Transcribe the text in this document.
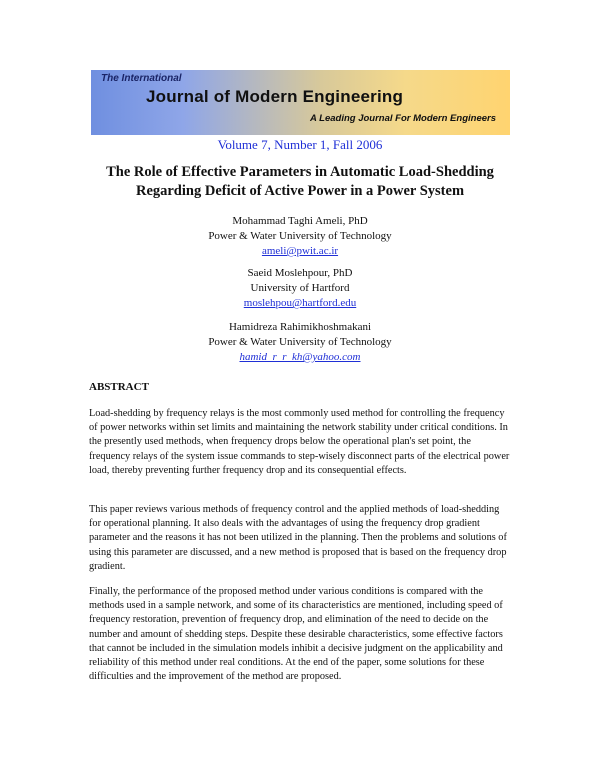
The International
Journal of Modern Engineering
A Leading Journal For Modern Engineers
Volume 7, Number 1, Fall 2006
The Role of Effective Parameters in Automatic Load-Shedding
Regarding Deficit of Active Power in a Power System
Mohammad Taghi Ameli, PhD
Power & Water University of Technology
ameli@pwit.ac.ir
Saeid Moslehpour, PhD
University of Hartford
moslehpou@hartford.edu
Hamidreza Rahimikhoshmakani
Power & Water University of Technology
hamid_r_r_kh@yahoo.com
ABSTRACT

Load-shedding by frequency relays is the most commonly used method for controlling the frequency of power networks within set limits and maintaining the network stability under critical conditions. In the presently used methods, when frequency drops below the operational plan's set point, the frequency relays of the system issue commands to step-wisely disconnect parts of the electrical power load, thereby preventing further frequency drop and its consequential effects.

This paper reviews various methods of frequency control and the applied methods of load-shedding for operational planning. It also deals with the advantages of using the frequency drop gradient parameter and the reasons it has not been utilized in the planning. Then the problems and solutions of using this parameter are discussed, and a new method is proposed that is based on the frequency drop gradient.

Finally, the performance of the proposed method under various conditions is compared with the methods used in a sample network, and some of its characteristics are mentioned, including speed of frequency restoration, prevention of frequency drop, and elimination of the need to decide on the number and amount of shedding steps. Despite these desirable characteristics, some effective factors that cannot be included in the simulation models inhibit a decisive judgment on the applicability and reliability of this method under real conditions. At the end of the paper, some solutions for these difficulties and the improvement of the method are proposed.
